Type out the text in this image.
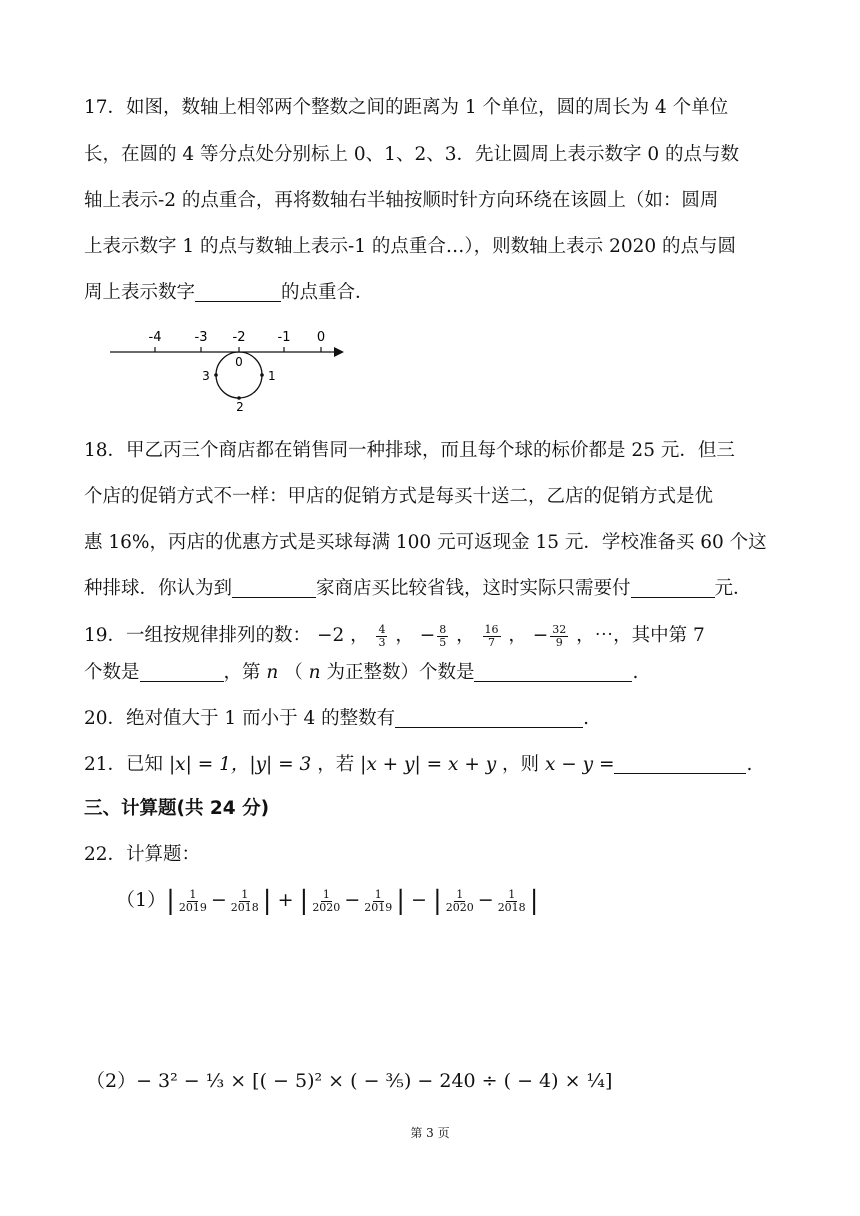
17．如图，数轴上相邻两个整数之间的距离为 1 个单位，圆的周长为 4 个单位
长，在圆的 4 等分点处分别标上 0、1、2、3．先让圆周上表示数字 0 的点与数
轴上表示-2 的点重合，再将数轴右半轴按顺时针方向环绕在该圆上（如：圆周
上表示数字 1 的点与数轴上表示-1 的点重合…），则数轴上表示 2020 的点与圆
周上表示数字	的点重合．
-4	-3 -2 -1 0
0
1
2
3
18．甲乙丙三个商店都在销售同一种排球，而且每个球的标价都是 25 元．但三
个店的促销方式不一样：甲店的促销方式是每买十送二，乙店的促销方式是优
惠 16%，丙店的优惠方式是买球每满 100 元可返现金 15 元．学校准备买 60 个这
种排球．你认为到	家商店买比较省钱，这时实际只需要付	元．
19．一组按规律排列的数： −2 ， $\frac{4}{3}$ ， − $\frac{8}{5}$ ， $\frac{16}{7}$ ， − $\frac{32}{9}$ ，⋯，其中第 7
个数是	，第 n （ n 为正整数）个数是	.
20．绝对值大于 1 而小于 4 的整数有	.
21．已知 |x| = 1，|y| = 3 ，若 |x + y| = x + y ，则 x − y =	.
三、计算题(共 24 分)
22．计算题：
$(1)| \frac{1}{2019} - \frac{1}{2018}$ | + | $\frac{1}{2020} - \frac{1}{2019}$ | − | $\frac{1}{2020} - \frac{1}{2018}$ |
（2）− 3² − ⅓ × [( − 5)² × ( − ⅗) − 240 ÷ ( − 4) × ¼]
第 3 页
